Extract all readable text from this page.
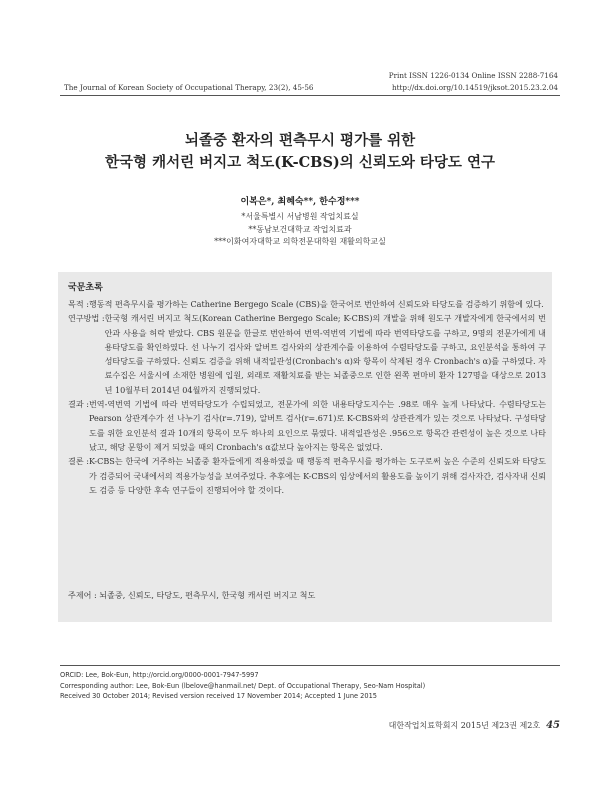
The Journal of Korean Society of Occupational Therapy, 23(2), 45-56
Print ISSN 1226-0134 Online ISSN 2288-7164
http://dx.doi.org/10.14519/jksot.2015.23.2.04
뇌졸중 환자의 편측무시 평가를 위한
한국형 캐서린 버지고 척도(K-CBS)의 신뢰도와 타당도 연구
이복은*, 최혜숙**, 한수정***
*서울특별시 서남병원 작업치료실
**동남보건대학교 작업치료과
***이화여자대학교 의학전문대학원 재활의학교실
국문초록
목적 : 행동적 편측무시를 평가하는 Catherine Bergego Scale (CBS)을 한국어로 번안하여 신뢰도와 타당도를 검증하기 위함에 있다.
연구방법 : 한국형 캐서린 버지고 척도(Korean Catherine Bergego Scale; K-CBS)의 개발을 위해 원도구 개발자에게 한국에서의 번안과 사용을 허락 받았다. CBS 원문을 한글로 번안하여 번역-역번역 기법에 따라 번역타당도를 구하고, 9명의 전문가에게 내용타당도를 확인하였다. 선 나누기 검사와 알버트 검사와의 상관계수를 이용하여 수렴타당도를 구하고, 요인분석을 통하여 구성타당도를 구하였다. 신뢰도 검증을 위해 내적일관성(Cronbach's α)와 항목이 삭제된 경우 Cronbach's α)를 구하였다. 자료수집은 서울시에 소재한 병원에 입원, 외래로 재활치료를 받는 뇌졸중으로 인한 왼쪽 편마비 환자 127명을 대상으로 2013년 10월부터 2014년 04월까지 진행되었다.
결과 : 번역-역번역 기법에 따라 번역타당도가 수립되었고, 전문가에 의한 내용타당도지수는 .98로 매우 높게 나타났다. 수렴타당도는 Pearson 상관계수가 선 나누기 검사(r=.719), 알버트 검사(r=.671)로 K-CBS와의 상관관계가 있는 것으로 나타났다. 구성타당도를 위한 요인분석 결과 10개의 항목이 모두 하나의 요인으로 묶였다. 내적일관성은 .956으로 항목간 관련성이 높은 것으로 나타났고, 해당 문항이 제거 되었을 때의 Cronbach's α값보다 높아지는 항목은 없었다.
결론 : K-CBS는 한국에 거주하는 뇌졸중 환자들에게 적용하였을 때 행동적 편측무시를 평가하는 도구로써 높은 수준의 신뢰도와 타당도가 검증되어 국내에서의 적용가능성을 보여주었다. 추후에는 K-CBS의 임상에서의 활용도를 높이기 위해 검사자간, 검사자내 신뢰도 검증 등 다양한 후속 연구들이 진행되어야 할 것이다.
주제어 : 뇌졸중, 신뢰도, 타당도, 편측무시, 한국형 캐서린 버지고 척도
ORCID: Lee, Bok-Eun, http://orcid.org/0000-0001-7947-5997
Corresponding author: Lee, Bok-Eun (lbelove@hanmail.net/ Dept. of Occupational Therapy, Seo-Nam Hospital)
Received 30 October 2014; Revised version received 17 November 2014; Accepted 1 June 2015
대한작업치료학회지 2015년 제23권 제2호 45
